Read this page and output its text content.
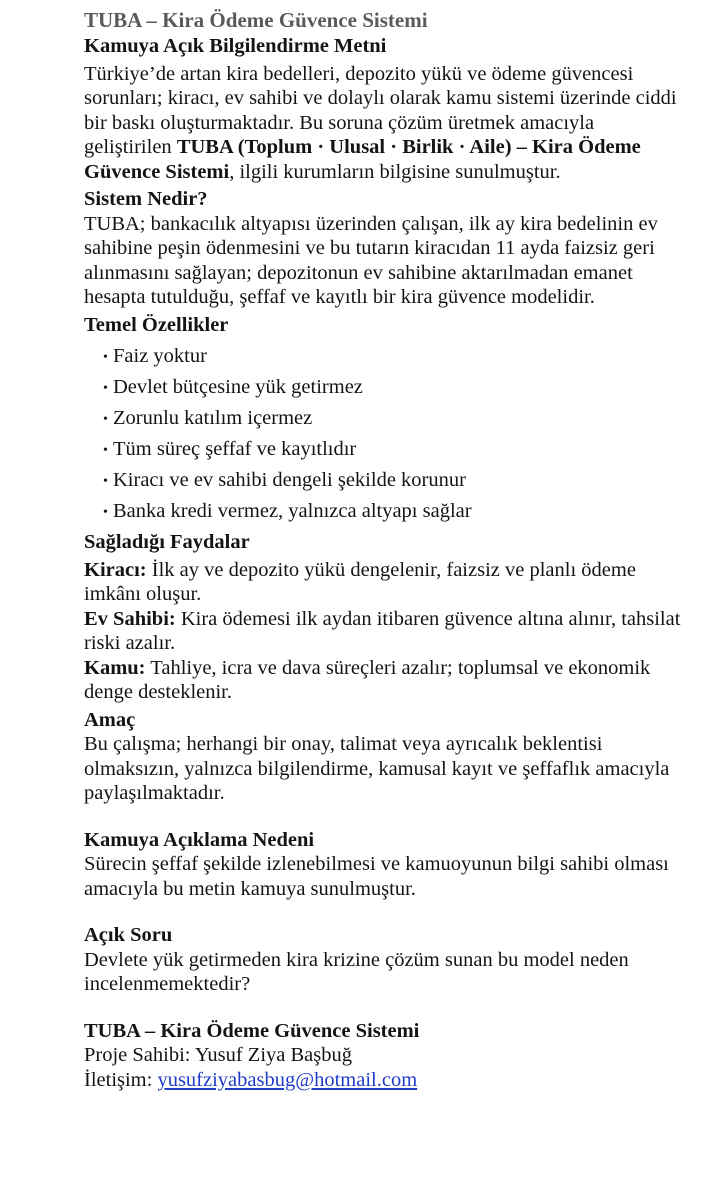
TUBA – Kira Ödeme Güvence Sistemi
Kamuya Açık Bilgilendirme Metni

Türkiye’de artan kira bedelleri, depozito yükü ve ödeme güvencesi sorunları; kiracı, ev sahibi ve dolaylı olarak kamu sistemi üzerinde ciddi bir baskı oluşturmaktadır. Bu soruna çözüm üretmek amacıyla geliştirilen TUBA (Toplum · Ulusal · Birlik · Aile) – Kira Ödeme Güvence Sistemi, ilgili kurumların bilgisine sunulmuştur.

Sistem Nedir?

TUBA; bankacılık altyapısı üzerinden çalışan, ilk ay kira bedelinin ev sahibine peşin ödenmesini ve bu tutarın kiracıdan 11 ayda faizsiz geri alınmasını sağlayan; depozitonun ev sahibine aktarılmadan emanet hesapta tutulduğu, şeffaf ve kayıtlı bir kira güvence modelidir.

Temel Özellikler
• Faiz yoktur
• Devlet bütçesine yük getirmez
• Zorunlu katılım içermez
• Tüm süreç şeffaf ve kayıtlıdır
• Kiracı ve ev sahibi dengeli şekilde korunur
• Banka kredi vermez, yalnızca altyapı sağlar
Sağladığı Faydalar

Kiracı: İlk ay ve depozito yükü dengelenir, faizsiz ve planlı ödeme imkânı oluşur.

Ev Sahibi: Kira ödemesi ilk aydan itibaren güvence altına alınır, tahsilat riski azalır.

Kamu: Tahliye, icra ve dava süreçleri azalır; toplumsal ve ekonomik denge desteklenir.

Amaç

Bu çalışma; herhangi bir onay, talimat veya ayrıcalık beklentisi olmaksızın, yalnızca bilgilendirme, kamusal kayıt ve şeffaflık amacıyla paylaşılmaktadır.

Kamuya Açıklama Nedeni

Sürecin şeffaf şekilde izlenebilmesi ve kamuoyunun bilgi sahibi olması amacıyla bu metin kamuya sunulmuştur.

Açık Soru

Devlete yük getirmeden kira krizine çözüm sunan bu model neden incelenmemektedir?

TUBA – Kira Ödeme Güvence Sistemi
Proje Sahibi: Yusuf Ziya Başbuğ
İletişim: yusufziyabasbug@hotmail.com
